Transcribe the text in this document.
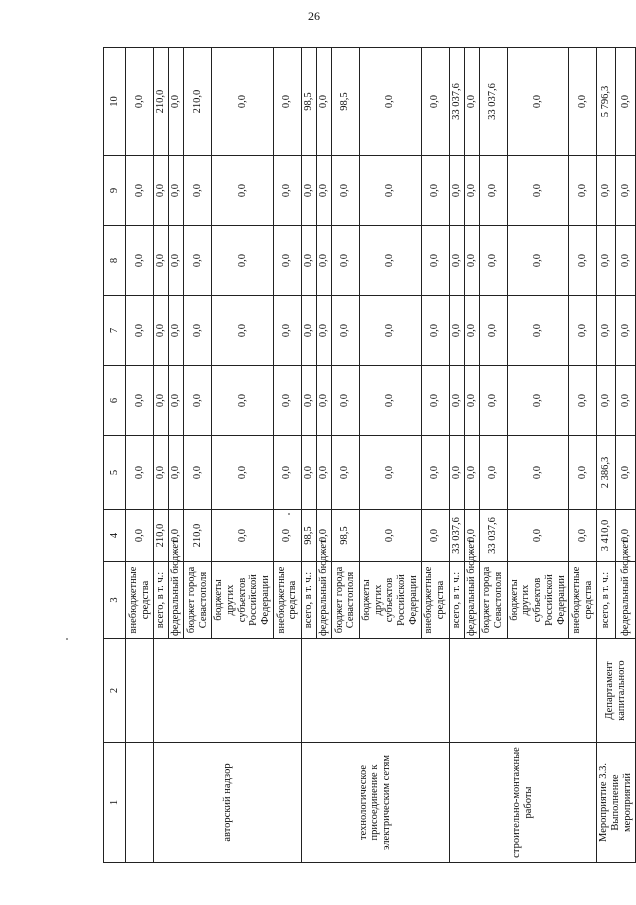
26
1	2	3	4	5	6	7	8	9	10
		внебюджетные средства	0,0	0,0	0,0	0,0	0,0	0,0	0,0
авторский надзор		всего, в т. ч.:	210,0	0,0	0,0	0,0	0,0	0,0	210,0
		федеральный бюджет	0,0	0,0	0,0	0,0	0,0	0,0	0,0
		бюджет города Севастополя	210,0	0,0	0,0	0,0	0,0	0,0	210,0
		бюджеты других субъектов Российской Федерации	0,0	0,0	0,0	0,0	0,0	0,0	0,0
		внебюджетные средства	0,0	0,0	0,0	0,0	0,0	0,0	0,0
технологическое присоединение к электрическим сетям		всего, в т. ч.:	98,5	0,0	0,0	0,0	0,0	0,0	98,5
		федеральный бюджет	0,0	0,0	0,0	0,0	0,0	0,0	0,0
		бюджет города Севастополя	98,5	0,0	0,0	0,0	0,0	0,0	98,5
		бюджеты других субъектов Российской Федерации	0,0	0,0	0,0	0,0	0,0	0,0	0,0
		внебюджетные средства	0,0	0,0	0,0	0,0	0,0	0,0	0,0
строительно-монтажные работы		всего, в т. ч.:	33 037,6	0,0	0,0	0,0	0,0	0,0	33 037,6
		федеральный бюджет	0,0	0,0	0,0	0,0	0,0	0,0	0,0
		бюджет города Севастополя	33 037,6	0,0	0,0	0,0	0,0	0,0	33 037,6
		бюджеты других субъектов Российской Федерации	0,0	0,0	0,0	0,0	0,0	0,0	0,0
		внебюджетные средства	0,0	0,0	0,0	0,0	0,0	0,0	0,0
Мероприятие 3.3. Выполнение мероприятий	Департамент капитального	всего, в т. ч.:	3 410,0	2 386,3	0,0	0,0	0,0	0,0	5 796,3
		федеральный бюджет	0,0	0,0	0,0	0,0	0,0	0,0	0,0
